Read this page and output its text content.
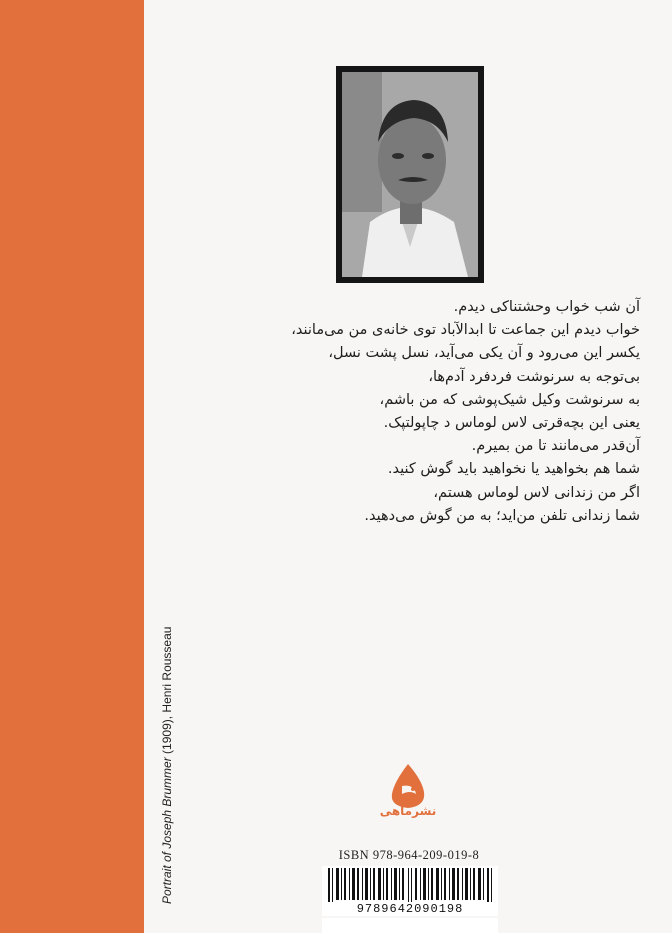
Portrait of Joseph Brummer (1909), Henri Rousseau
آن شب خواب وحشتناکی دیدم.
خواب دیدم این جماعت تا ابدالآباد توی خانه‌ی من می‌مانند،
یکسر این می‌رود و آن یکی می‌آید، نسل پشت نسل،
بی‌توجه به سرنوشت فردفرد آدم‌ها،
به سرنوشت وکیل شیک‌پوشی که من باشم،
یعنی این بچه‌قرتی لاس لوماس د چاپولتپک.
آن‌قدر می‌مانند تا من بمیرم.
شما هم بخواهید یا نخواهید باید گوش کنید.
اگر من زندانی لاس لوماس هستم،
شما زندانی تلفن من‌اید؛ به من گوش می‌دهید.
نشرماهی
ISBN 978-964-209-019-8
9789642090198
